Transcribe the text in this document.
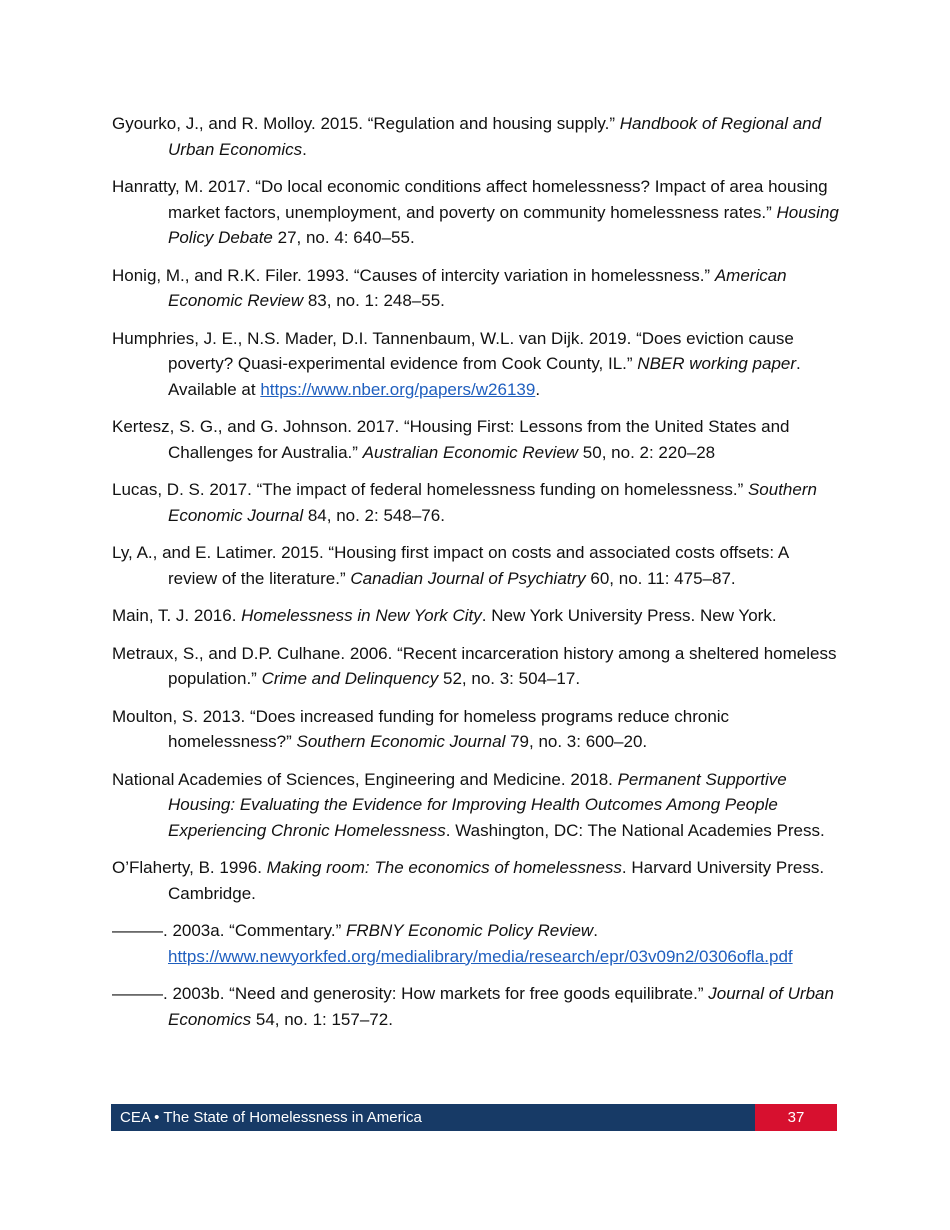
Gyourko, J., and R. Molloy. 2015. “Regulation and housing supply.” Handbook of Regional and Urban Economics.

Hanratty, M. 2017. “Do local economic conditions affect homelessness? Impact of area housing market factors, unemployment, and poverty on community homelessness rates.” Housing Policy Debate 27, no. 4: 640–55.

Honig, M., and R.K. Filer. 1993. “Causes of intercity variation in homelessness.” American Economic Review 83, no. 1: 248–55.

Humphries, J. E., N.S. Mader, D.I. Tannenbaum, W.L. van Dijk. 2019. “Does eviction cause poverty? Quasi-experimental evidence from Cook County, IL.” NBER working paper. Available at https://www.nber.org/papers/w26139.

Kertesz, S. G., and G. Johnson. 2017. “Housing First: Lessons from the United States and Challenges for Australia.” Australian Economic Review 50, no. 2: 220–28

Lucas, D. S. 2017. “The impact of federal homelessness funding on homelessness.” Southern Economic Journal 84, no. 2: 548–76.

Ly, A., and E. Latimer. 2015. “Housing first impact on costs and associated costs offsets: A review of the literature.” Canadian Journal of Psychiatry 60, no. 11: 475–87.

Main, T. J. 2016. Homelessness in New York City. New York University Press. New York.

Metraux, S., and D.P. Culhane. 2006. “Recent incarceration history among a sheltered homeless population.” Crime and Delinquency 52, no. 3: 504–17.

Moulton, S. 2013. “Does increased funding for homeless programs reduce chronic homelessness?” Southern Economic Journal 79, no. 3: 600–20.

National Academies of Sciences, Engineering and Medicine. 2018. Permanent Supportive Housing: Evaluating the Evidence for Improving Health Outcomes Among People Experiencing Chronic Homelessness. Washington, DC: The National Academies Press.

O’Flaherty, B. 1996. Making room: The economics of homelessness. Harvard University Press. Cambridge.

———. 2003a. “Commentary.” FRBNY Economic Policy Review. https://www.newyorkfed.org/medialibrary/media/research/epr/03v09n2/0306ofla.pdf

———. 2003b. “Need and generosity: How markets for free goods equilibrate.” Journal of Urban Economics 54, no. 1: 157–72.

CEA • The State of Homelessness in America	37
